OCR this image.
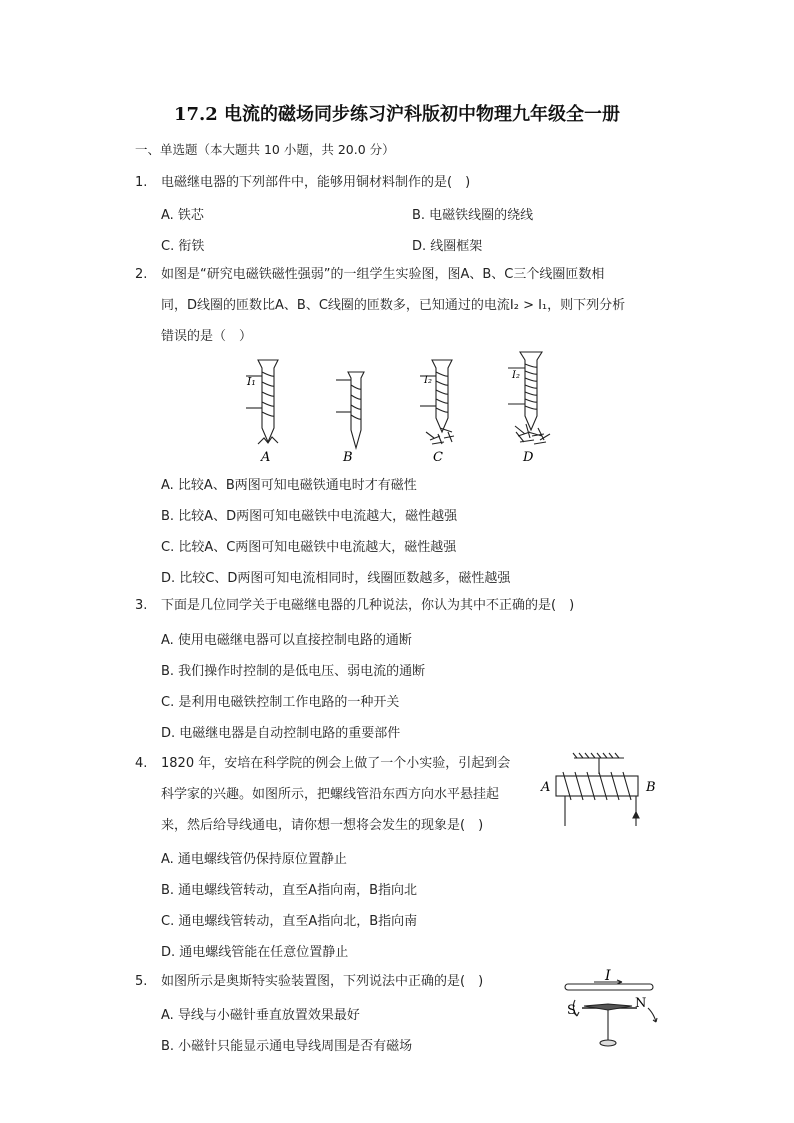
17.2 电流的磁场同步练习沪科版初中物理九年级全一册
一、单选题（本大题共 10 小题，共 20.0 分）
1. 电磁继电器的下列部件中，能够用铜材料制作的是(　)
A. 铁芯	B. 电磁铁线圈的绕线
C. 衔铁	D. 线圈框架
2. 如图是“研究电磁铁磁性强弱”的一组学生实验图，图A、B、C三个线圈匝数相
同，D线圈的匝数比A、B、C线圈的匝数多，已知通过的电流I₂ > I₁，则下列分析
错误的是（　）
I₁
A	B
I₂
C
I₂
D
A. 比较A、B两图可知电磁铁通电时才有磁性
B. 比较A、D两图可知电磁铁中电流越大，磁性越强
C. 比较A、C两图可知电磁铁中电流越大，磁性越强
D. 比较C、D两图可知电流相同时，线圈匝数越多，磁性越强
3. 下面是几位同学关于电磁继电器的几种说法，你认为其中不正确的是(　)
A. 使用电磁继电器可以直接控制电路的通断
B. 我们操作时控制的是低电压、弱电流的通断
C. 是利用电磁铁控制工作电路的一种开关
D. 电磁继电器是自动控制电路的重要部件
4. 1820 年，安培在科学院的例会上做了一个小实验，引起到会
科学家的兴趣。如图所示，把螺线管沿东西方向水平悬挂起
来，然后给导线通电，请你想一想将会发生的现象是(　)
A	B
A. 通电螺线管仍保持原位置静止
B. 通电螺线管转动，直至A指向南，B指向北
C. 通电螺线管转动，直至A指向北，B指向南
D. 通电螺线管能在任意位置静止
5. 如图所示是奥斯特实验装置图，下列说法中正确的是(　)	I
S	N
A. 导线与小磁针垂直放置效果最好
B. 小磁针只能显示通电导线周围是否有磁场
